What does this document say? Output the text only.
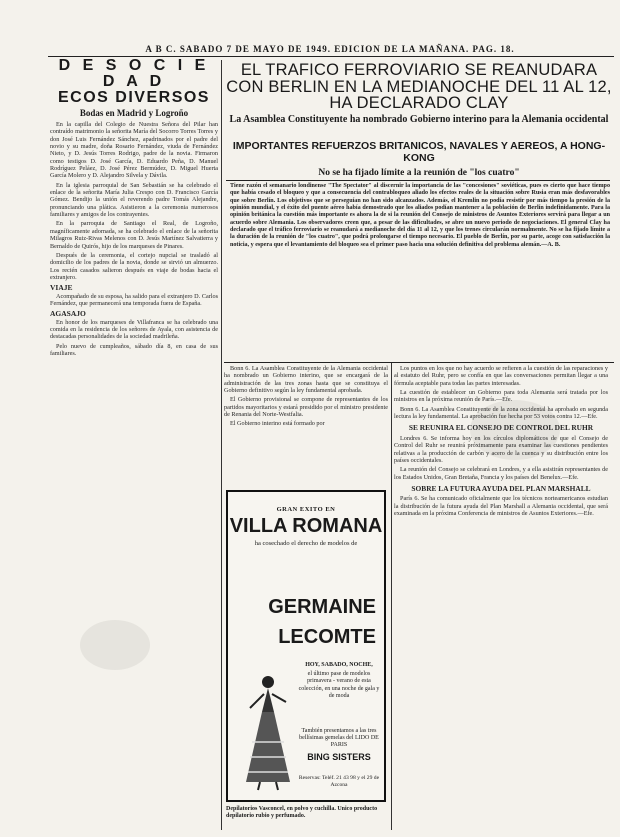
A B C. SABADO 7 DE MAYO DE 1949. EDICION DE LA MAÑANA. PAG. 18.
D E S O C I E D A D
ECOS DIVERSOS
Bodas en Madrid y Logroño

En la capilla del Colegio de Nuestra Señora del Pilar han contraído matrimonio la señorita María del Socorro Torres Torres y don José Luis Fernández Sánchez, apadrinados por el padre del novio y su madre, doña Rosario Fernández, viuda de Fernández Nieto, y D. Jesús Torres Rodrigo, padre de la novia. Firmaron como testigos D. José García, D. Eduardo Peña, D. Manuel Rodríguez Peláez, D. José Pérez Bermúdez, D. Miguel Huerta García Molero y D. Alejandro Silvela y Dávila.

En la iglesia parroquial de San Sebastián se ha celebrado el enlace de la señorita María Julia Crespo con D. Francisco García Gómez. Bendijo la unión el reverendo padre Tomás Alejandre, pronunciando una plática. Asistieron a la ceremonia numerosos familiares y amigos de los contrayentes.

En la parroquia de Santiago el Real, de Logroño, magníficamente adornada, se ha celebrado el enlace de la señorita Milagros Ruiz-Rivas Melenos con D. Jesús Martínez Salvatierra y Bernaldo de Quirós, hijo de los marqueses de Pinares.

Después de la ceremonia, el cortejo nupcial se trasladó al domicilio de los padres de la novia, donde se sirvió un almuerzo. Los recién casados salieron después en viaje de bodas hacia el extranjero.

VIAJE

Acompañado de su esposa, ha salido para el extranjero D. Carlos Fernández, que permanecerá una temporada fuera de España.

AGASAJO

En honor de los marqueses de Villafranca se ha celebrado una comida en la residencia de los señores de Ayala, con asistencia de destacadas personalidades de la sociedad madrileña.

Pelo nuevo de cumpleaños, sábado día 8, en casa de sus familiares.

EL TRAFICO FERROVIARIO SE REANUDARA CON BERLIN EN LA MEDIANOCHE DEL 11 AL 12, HA DECLARADO CLAY
La Asamblea Constituyente ha nombrado Gobierno interino para la Alemania occidental
IMPORTANTES REFUERZOS BRITANICOS, NAVALES Y AEREOS, A HONG-KONG
No se ha fijado límite a la reunión de "los cuatro"
Tiene razón el semanario londinense "The Spectator" al discernir la importancia de las "concesiones" soviéticas, pues es cierto que hace tiempo que había cesado el bloqueo y que a consecuencia del contrabloqueo aliado los efectos reales de la situación sobre Rusia eran más desfavorables que sobre Berlín. Los objetivos que se perseguían no han sido alcanzados. Además, el Kremlin no podía resistir por más tiempo la presión de la opinión mundial, y el éxito del puente aéreo había demostrado que los aliados podían mantener a la población de Berlín indefinidamente. Para la opinión británica la cuestión más importante es ahora la de si la reunión del Consejo de ministros de Asuntos Exteriores servirá para llegar a un acuerdo sobre Alemania. Los observadores creen que, a pesar de las dificultades, se abre un nuevo periodo de negociaciones. El general Clay ha declarado que el tráfico ferroviario se reanudará a medianoche del día 11 al 12, y que los trenes circularán normalmente. No se ha fijado límite a la duración de la reunión de "los cuatro", que podrá prolongarse el tiempo necesario. El pueblo de Berlín, por su parte, acoge con satisfacción la noticia, y espera que el levantamiento del bloqueo sea el primer paso hacia una solución definitiva del problema alemán.—A. B.

Bonn 6. La Asamblea Constituyente de la Alemania occidental ha nombrado un Gobierno interino, que se encargará de la administración de las tres zonas hasta que se constituya el Gobierno definitivo según la ley fundamental aprobada.

El Gobierno provisional se compone de representantes de los partidos mayoritarios y estará presidido por el ministro presidente de Renania del Norte-Westfalia.

El Gobierno interino está formado por

Los puntos en los que no hay acuerdo se refieren a la cuestión de las reparaciones y al estatuto del Ruhr, pero se confía en que las conversaciones permitan llegar a una fórmula aceptable para todas las partes interesadas.

La cuestión de establecer un Gobierno para toda Alemania será tratada por los ministros en la próxima reunión de París.—Efe.

Bonn 6. La Asamblea Constituyente de la zona occidental ha aprobado en segunda lectura la ley fundamental. La aprobación fue hecha por 53 votos contra 12.—Efe.

SE REUNIRA EL CONSEJO DE CONTROL DEL RUHR

Londres 6. Se informa hoy en los círculos diplomáticos de que el Consejo de Control del Ruhr se reunirá próximamente para examinar las cuestiones pendientes relativas a la producción de carbón y acero de la cuenca y su distribución entre los países occidentales.

La reunión del Consejo se celebrará en Londres, y a ella asistirán representantes de los Estados Unidos, Gran Bretaña, Francia y los países del Benelux.—Efe.

SOBRE LA FUTURA AYUDA DEL PLAN MARSHALL

París 6. Se ha comunicado oficialmente que los técnicos norteamericanos estudian la distribución de la futura ayuda del Plan Marshall a Alemania occidental, que será examinada en la próxima Conferencia de ministros de Asuntos Exteriores.—Efe.

GRAN EXITO EN
VILLA ROMANA
ha cosechado el derecho de modelos de
GERMAINE
LECOMTE
HOY, SABADO, NOCHE,
el último pase de modelos primavera - verano de esta colección, en una noche de gala y de moda
También presentamos a las tres bellísimas gemelas del LIDO DE PARIS
BING SISTERS
Reservas: Teléf. 21 43 98 y el 29 de Azcona
Depilatorios Vasconcel, en polvo y cuchilla. Unico producto depilatorio rubio y perfumado.
